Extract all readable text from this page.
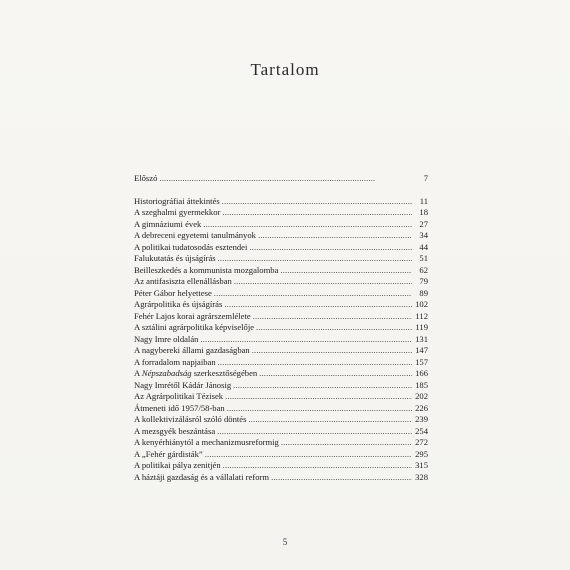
Tartalom
Előszó . . .	7
Historiográfiai áttekintés . . .	11
A szeghalmi gyermekkor . . .	18
A gimnáziumi évek . . .	27
A debreceni egyetemi tanulmányok . . .	34
A politikai tudatosodás esztendei . . .	44
Falukutatás és újságírás . . .	51
Beilleszkedés a kommunista mozgalomba . . .	62
Az antifasiszta ellenállásban . . .	79
Péter Gábor helyettese . . .	89
Agrárpolitika és újságírás . . .	102
Fehér Lajos korai agrárszemlélete . . .	112
A sztálini agrárpolitika képviselője . . .	119
Nagy Imre oldalán . . .	131
A nagybereki állami gazdaságban . . .	147
A forradalom napjaiban . . .	157
A Népszabadság szerkesztőségében . . .	166
Nagy Imrétől Kádár Jánosig . . .	185
Az Agrárpolitikai Tézisek . . .	202
Átmeneti idő 1957/58-ban . . .	226
A kollektivizálásról szóló döntés . . .	239
A mezsgyék beszántása . . .	254
A kenyérhiánytól a mechanizmusreformig . . .	272
A „Fehér gárdisták” . . .	295
A politikai pálya zenitjén . . .	315
A háztáji gazdaság és a vállalati reform . . .	328
5
